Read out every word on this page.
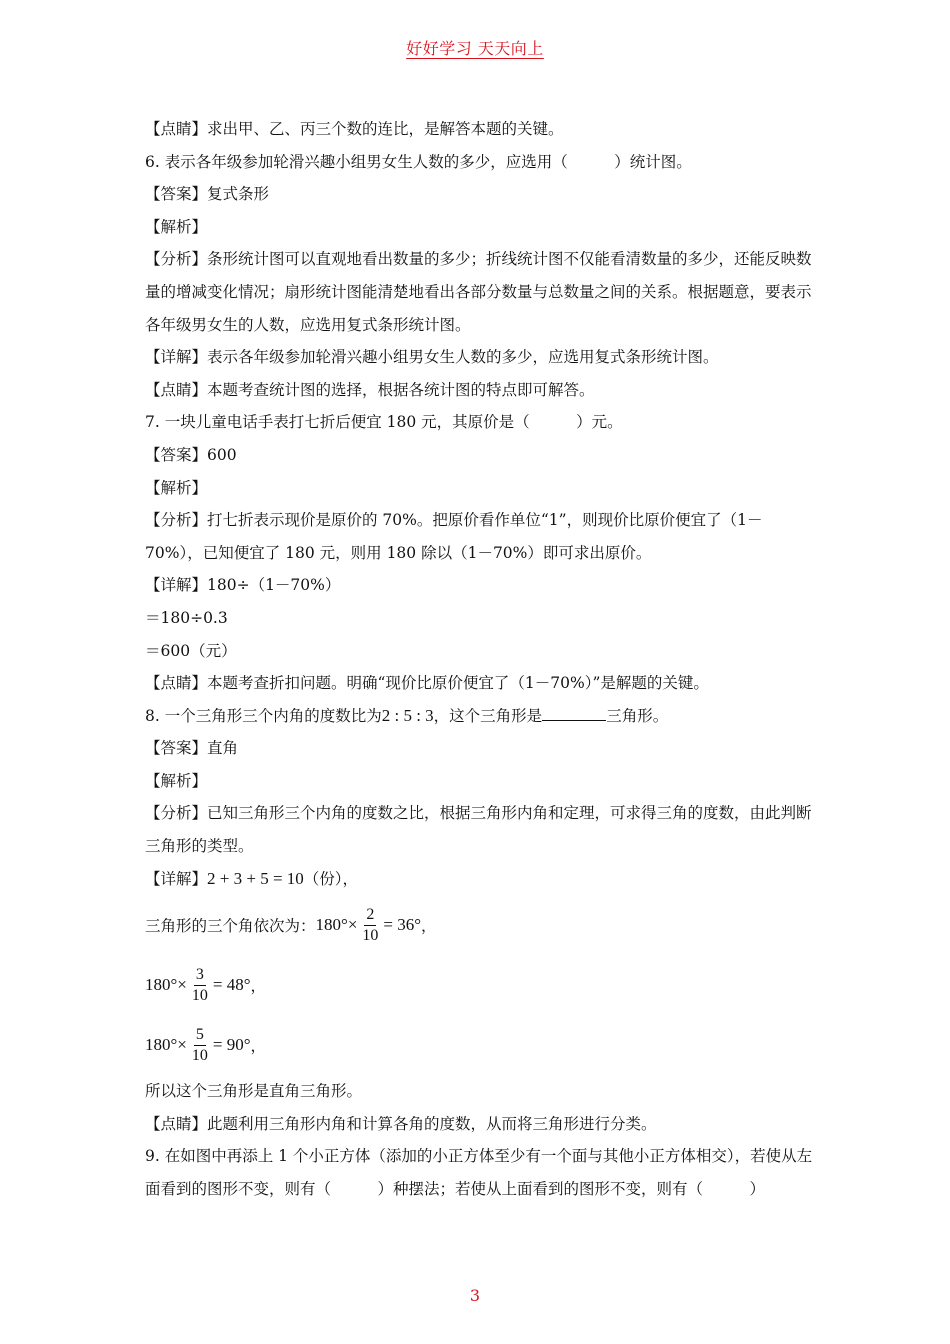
好好学习 天天向上
【点睛】求出甲、乙、丙三个数的连比，是解答本题的关键。
6. 表示各年级参加轮滑兴趣小组男女生人数的多少，应选用（　　　）统计图。
【答案】复式条形
【解析】
【分析】条形统计图可以直观地看出数量的多少；折线统计图不仅能看清数量的多少，还能反映数量的增减变化情况；扇形统计图能清楚地看出各部分数量与总数量之间的关系。根据题意，要表示各年级男女生的人数，应选用复式条形统计图。
【详解】表示各年级参加轮滑兴趣小组男女生人数的多少，应选用复式条形统计图。
【点睛】本题考查统计图的选择，根据各统计图的特点即可解答。
7. 一块儿童电话手表打七折后便宜 180 元，其原价是（　　　）元。
【答案】600
【解析】
【分析】打七折表示现价是原价的 70%。把原价看作单位“1”，则现价比原价便宜了（1－70%），已知便宜了 180 元，则用 180 除以（1－70%）即可求出原价。
【详解】180÷（1－70%）
＝180÷0.3
＝600（元）
【点睛】本题考查折扣问题。明确“现价比原价便宜了（1－70%）”是解题的关键。
8. 一个三角形三个内角的度数比为2 : 5 : 3，这个三角形是	三角形。
【答案】直角
【解析】
【分析】已知三角形三个内角的度数之比，根据三角形内角和定理，可求得三角的度数，由此判断三角形的类型。
【详解】2 + 3 + 5 = 10（份），
三角形的三个角依次为： $180^\circ\times \frac{2}{10} = 36^\circ$ ，
$180^\circ\times \frac{3}{10} = 48^\circ$ ，
$180^\circ\times \frac{5}{10} = 90^\circ$ ，
所以这个三角形是直角三角形。
【点睛】此题利用三角形内角和计算各角的度数，从而将三角形进行分类。
9. 在如图中再添上 1 个小正方体（添加的小正方体至少有一个面与其他小正方体相交），若使从左面看到的图形不变，则有（　　　）种摆法；若使从上面看到的图形不变，则有（　　　）
3
